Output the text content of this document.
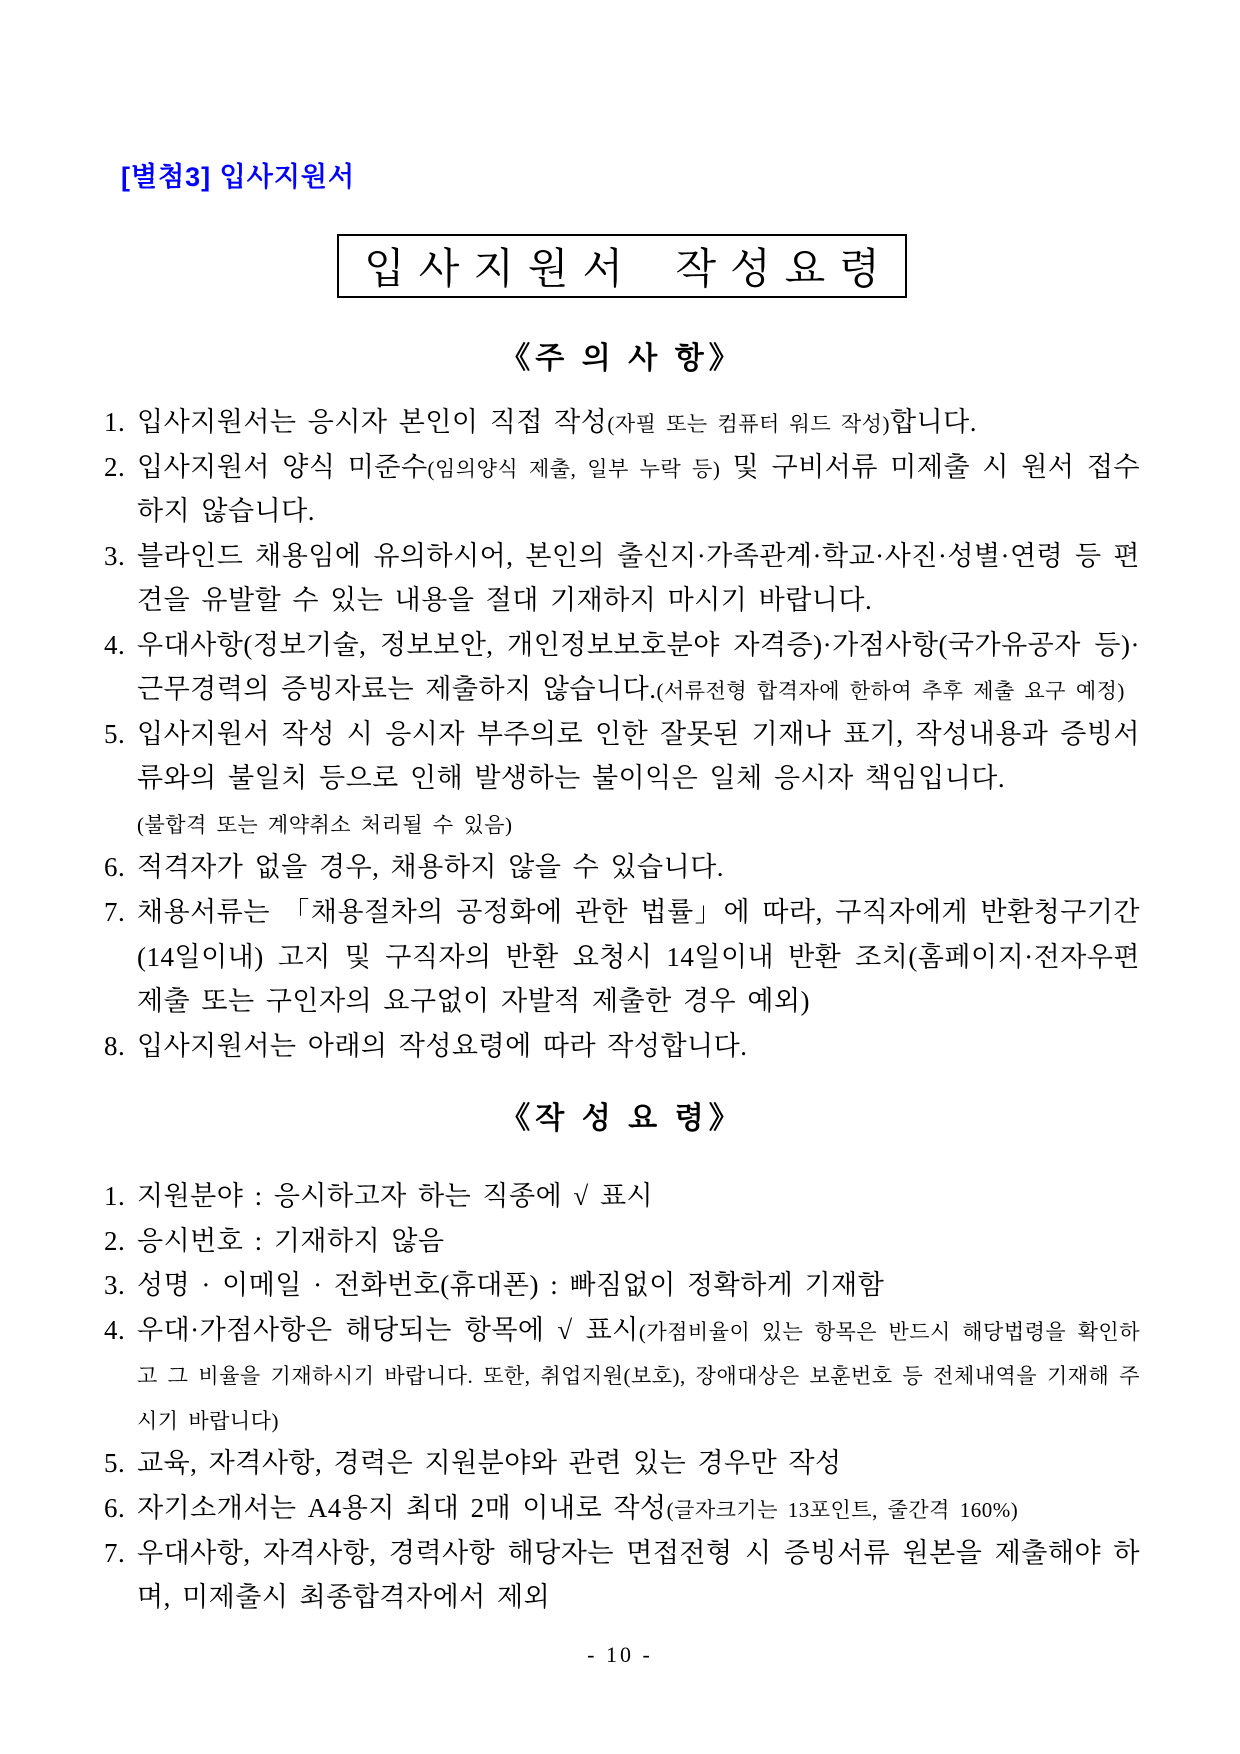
[별첨3] 입사지원서
입사지원서 작성요령
《주 의 사 항》
1. 입사지원서는 응시자 본인이 직접 작성(자필 또는 컴퓨터 워드 작성)합니다.
2. 입사지원서 양식 미준수(임의양식 제출, 일부 누락 등) 및 구비서류 미제출 시 원서 접수하지 않습니다.
3. 블라인드 채용임에 유의하시어, 본인의 출신지·가족관계·학교·사진·성별·연령 등 편견을 유발할 수 있는 내용을 절대 기재하지 마시기 바랍니다.
4. 우대사항(정보기술, 정보보안, 개인정보보호분야 자격증)·가점사항(국가유공자 등)·근무경력의 증빙자료는 제출하지 않습니다.(서류전형 합격자에 한하여 추후 제출 요구 예정)
5. 입사지원서 작성 시 응시자 부주의로 인한 잘못된 기재나 표기, 작성내용과 증빙서류와의 불일치 등으로 인해 발생하는 불이익은 일체 응시자 책임입니다.
(불합격 또는 계약취소 처리될 수 있음)
6. 적격자가 없을 경우, 채용하지 않을 수 있습니다.
7. 채용서류는 「채용절차의 공정화에 관한 법률」에 따라, 구직자에게 반환청구기간(14일이내) 고지 및 구직자의 반환 요청시 14일이내 반환 조치(홈페이지·전자우편 제출 또는 구인자의 요구없이 자발적 제출한 경우 예외)
8. 입사지원서는 아래의 작성요령에 따라 작성합니다.
《작 성 요 령》
1. 지원분야 : 응시하고자 하는 직종에 √ 표시
2. 응시번호 : 기재하지 않음
3. 성명 · 이메일 · 전화번호(휴대폰) : 빠짐없이 정확하게 기재함
4. 우대·가점사항은 해당되는 항목에 √ 표시(가점비율이 있는 항목은 반드시 해당법령을 확인하고 그 비율을 기재하시기 바랍니다. 또한, 취업지원(보호), 장애대상은 보훈번호 등 전체내역을 기재해 주시기 바랍니다)
5. 교육, 자격사항, 경력은 지원분야와 관련 있는 경우만 작성
6. 자기소개서는 A4용지 최대 2매 이내로 작성(글자크기는 13포인트, 줄간격 160%)
7. 우대사항, 자격사항, 경력사항 해당자는 면접전형 시 증빙서류 원본을 제출해야 하며, 미제출시 최종합격자에서 제외
- 10 -
